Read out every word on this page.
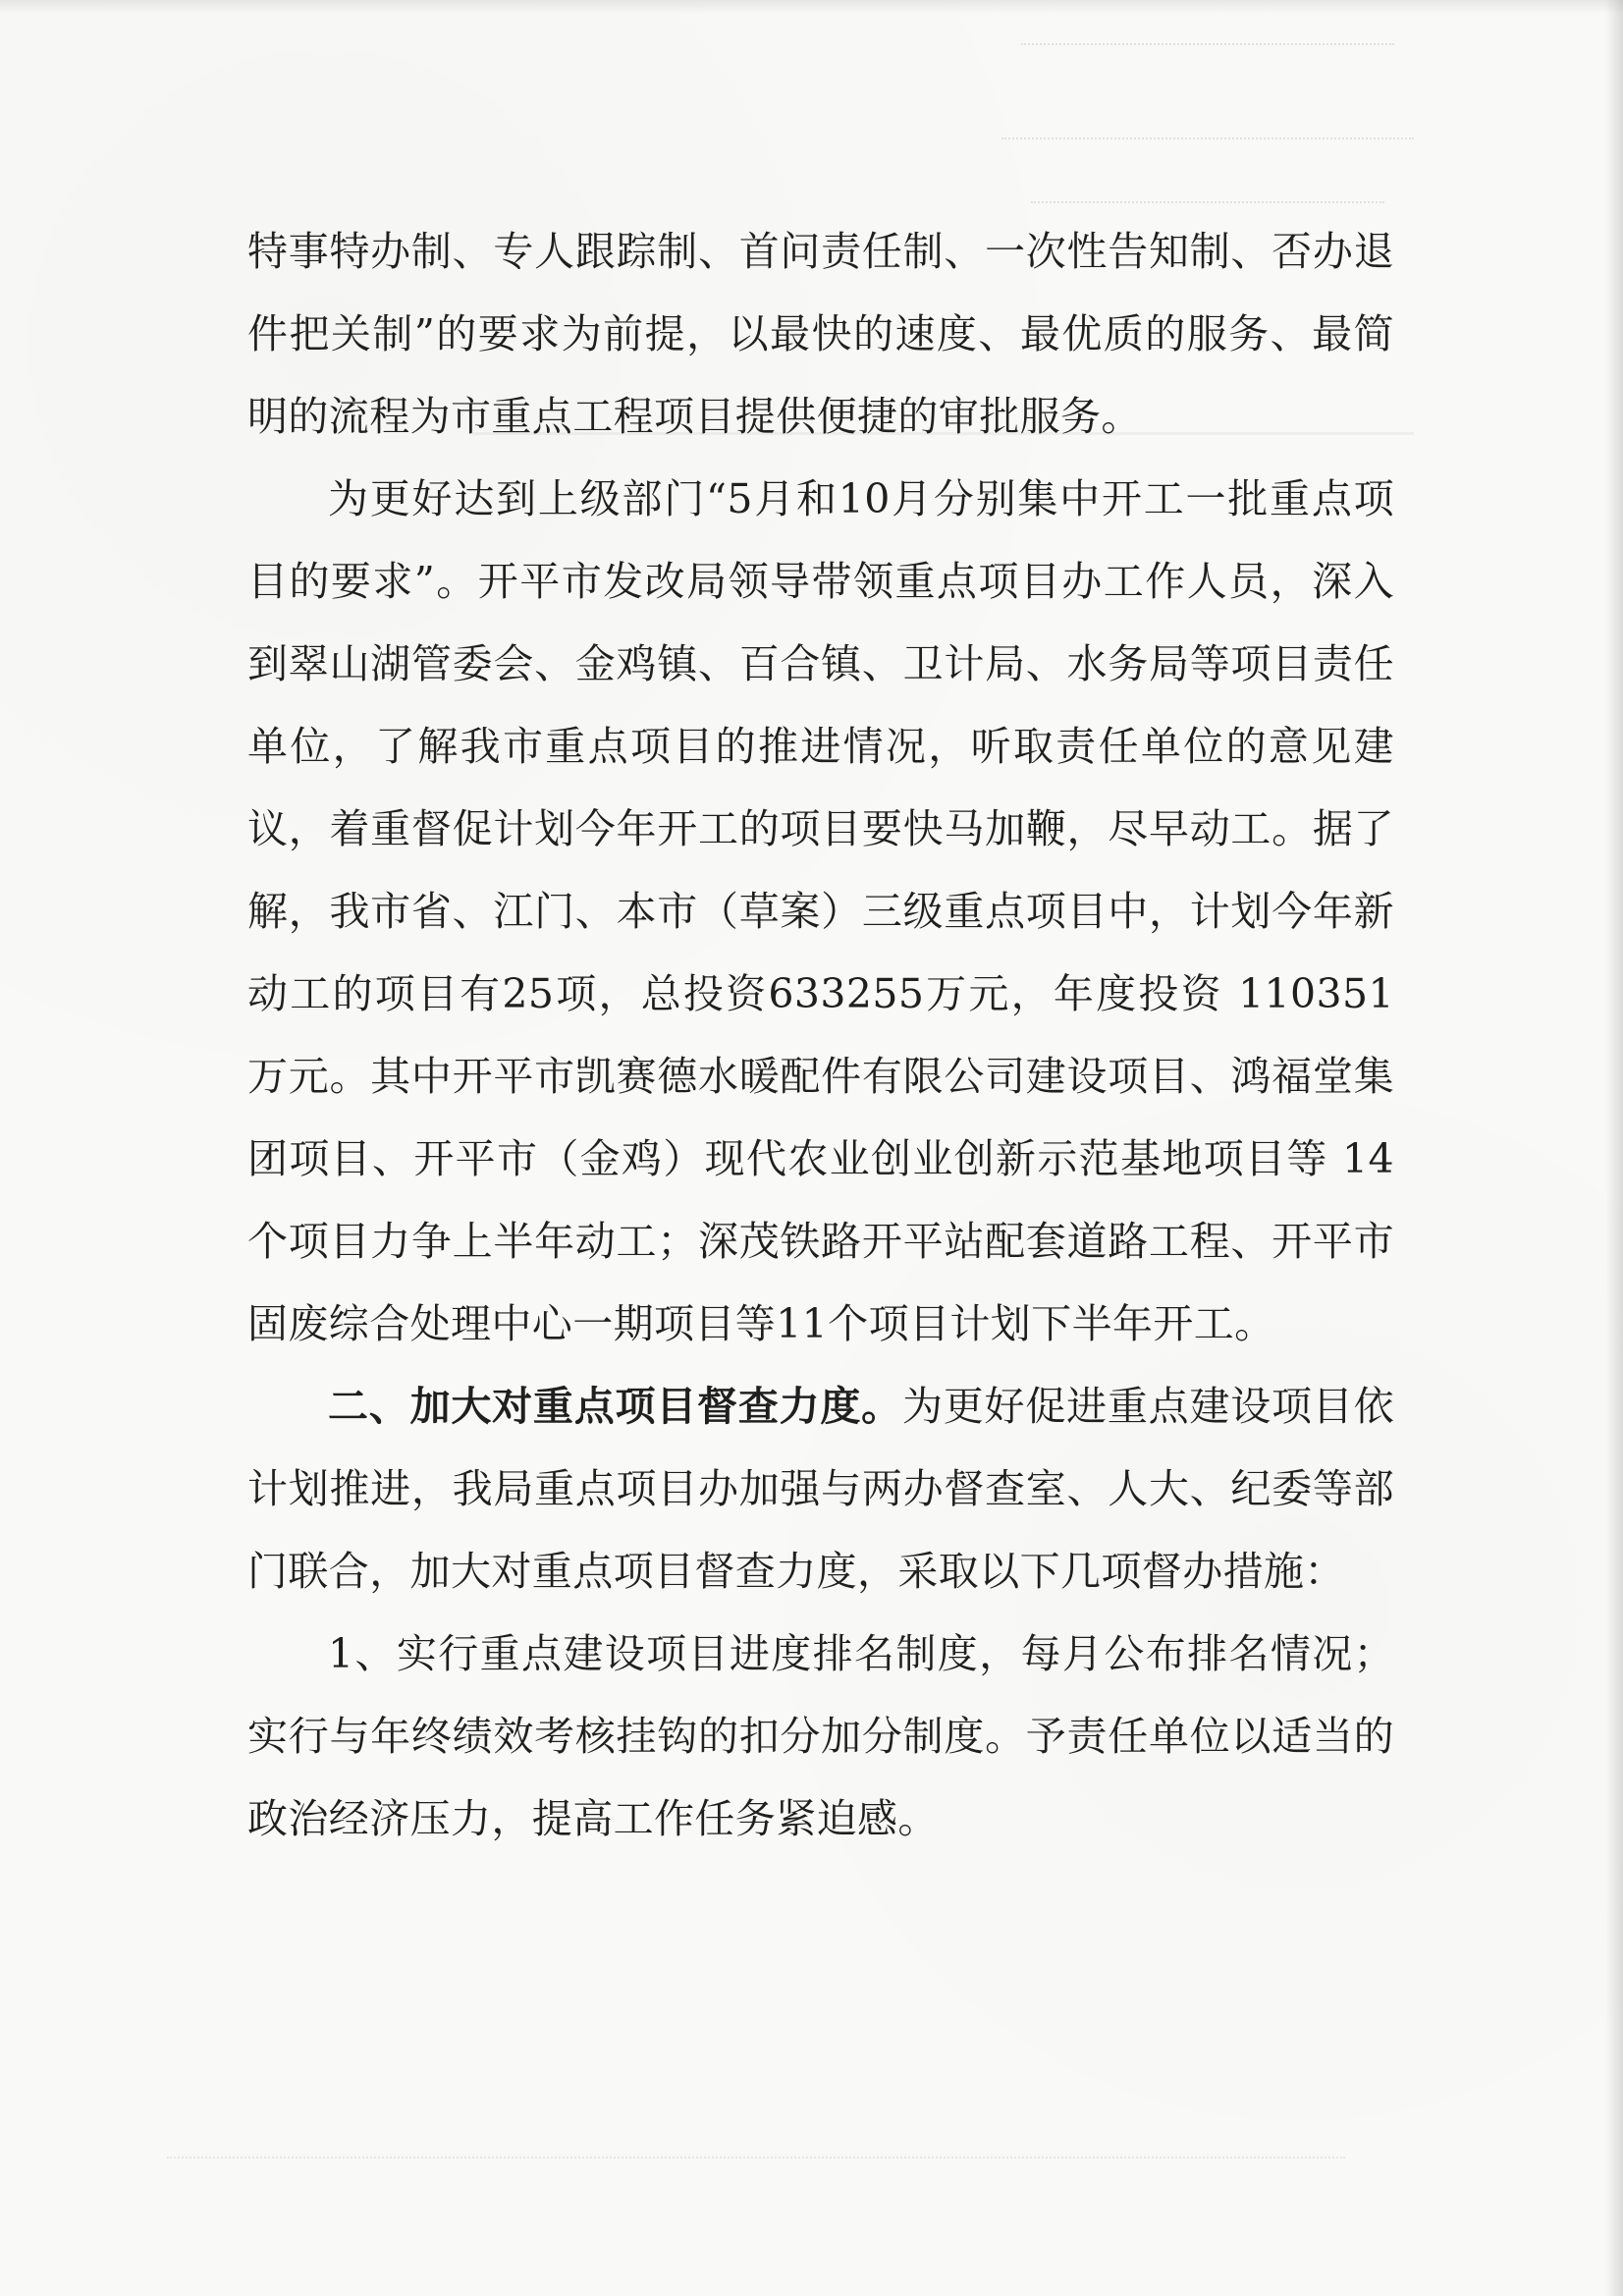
特事特办制、专人跟踪制、首问责任制、一次性告知制、否办退件把关制”的要求为前提，以最快的速度、最优质的服务、最简明的流程为市重点工程项目提供便捷的审批服务。

为更好达到上级部门“5月和10月分别集中开工一批重点项目的要求”。开平市发改局领导带领重点项目办工作人员，深入到翠山湖管委会、金鸡镇、百合镇、卫计局、水务局等项目责任单位，了解我市重点项目的推进情况，听取责任单位的意见建议，着重督促计划今年开工的项目要快马加鞭，尽早动工。据了解，我市省、江门、本市（草案）三级重点项目中，计划今年新动工的项目有25项，总投资633255万元，年度投资 110351 万元。其中开平市凯赛德水暖配件有限公司建设项目、鸿福堂集团项目、开平市（金鸡）现代农业创业创新示范基地项目等 14 个项目力争上半年动工；深茂铁路开平站配套道路工程、开平市固废综合处理中心一期项目等11个项目计划下半年开工。

二、加大对重点项目督查力度。为更好促进重点建设项目依计划推进，我局重点项目办加强与两办督查室、人大、纪委等部门联合，加大对重点项目督查力度，采取以下几项督办措施：

1、实行重点建设项目进度排名制度，每月公布排名情况；实行与年终绩效考核挂钩的扣分加分制度。予责任单位以适当的政治经济压力，提高工作任务紧迫感。
